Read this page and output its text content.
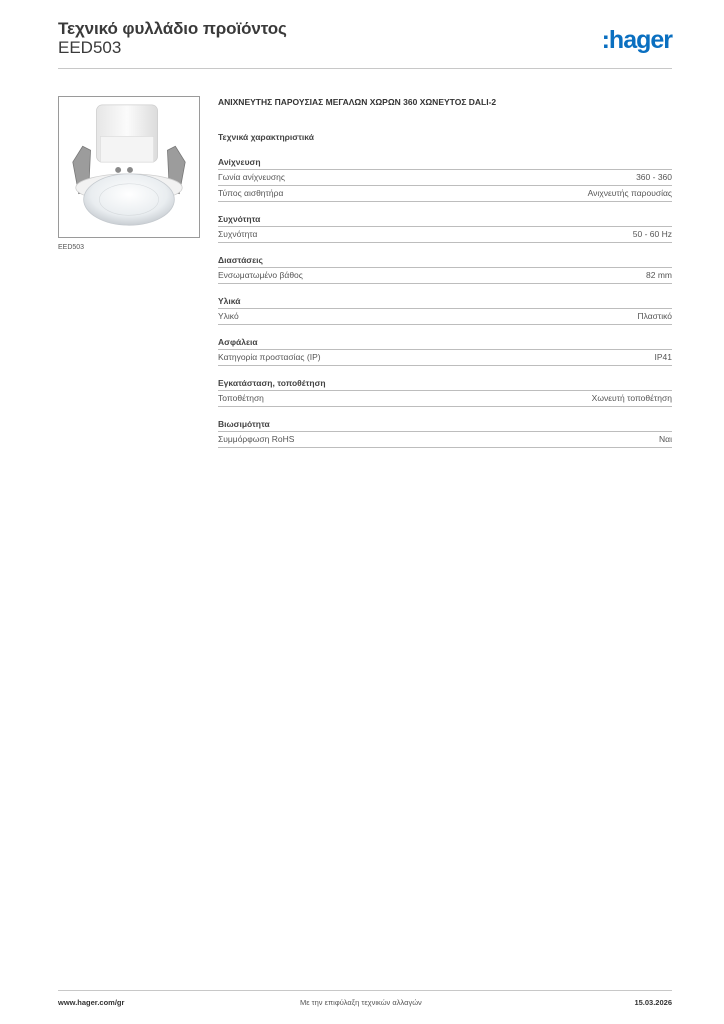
Τεχνικό φυλλάδιο προϊόντος
EED503	:hager
EED503
ΑΝΙΧΝΕΥΤΗΣ ΠΑΡΟΥΣΙΑΣ ΜΕΓΑΛΩΝ ΧΩΡΩΝ 360 ΧΩΝΕΥΤΟΣ DALI-2
Τεχνικά χαρακτηριστικά
Ανίχνευση
Γωνία ανίχνευσης	360 - 360
Τύπος αισθητήρα	Ανιχνευτής παρουσίας
Συχνότητα
Συχνότητα	50 - 60 Hz
Διαστάσεις
Ενσωματωμένο βάθος	82 mm
Υλικά
Υλικό	Πλαστικό
Ασφάλεια
Κατηγορία προστασίας (IP)	IP41
Εγκατάσταση, τοποθέτηση
Τοποθέτηση	Χωνευτή τοποθέτηση
Βιωσιμότητα
Συμμόρφωση RoHS	Ναι
www.hager.com/gr	Με την επιφύλαξη τεχνικών αλλαγών	15.03.2026
